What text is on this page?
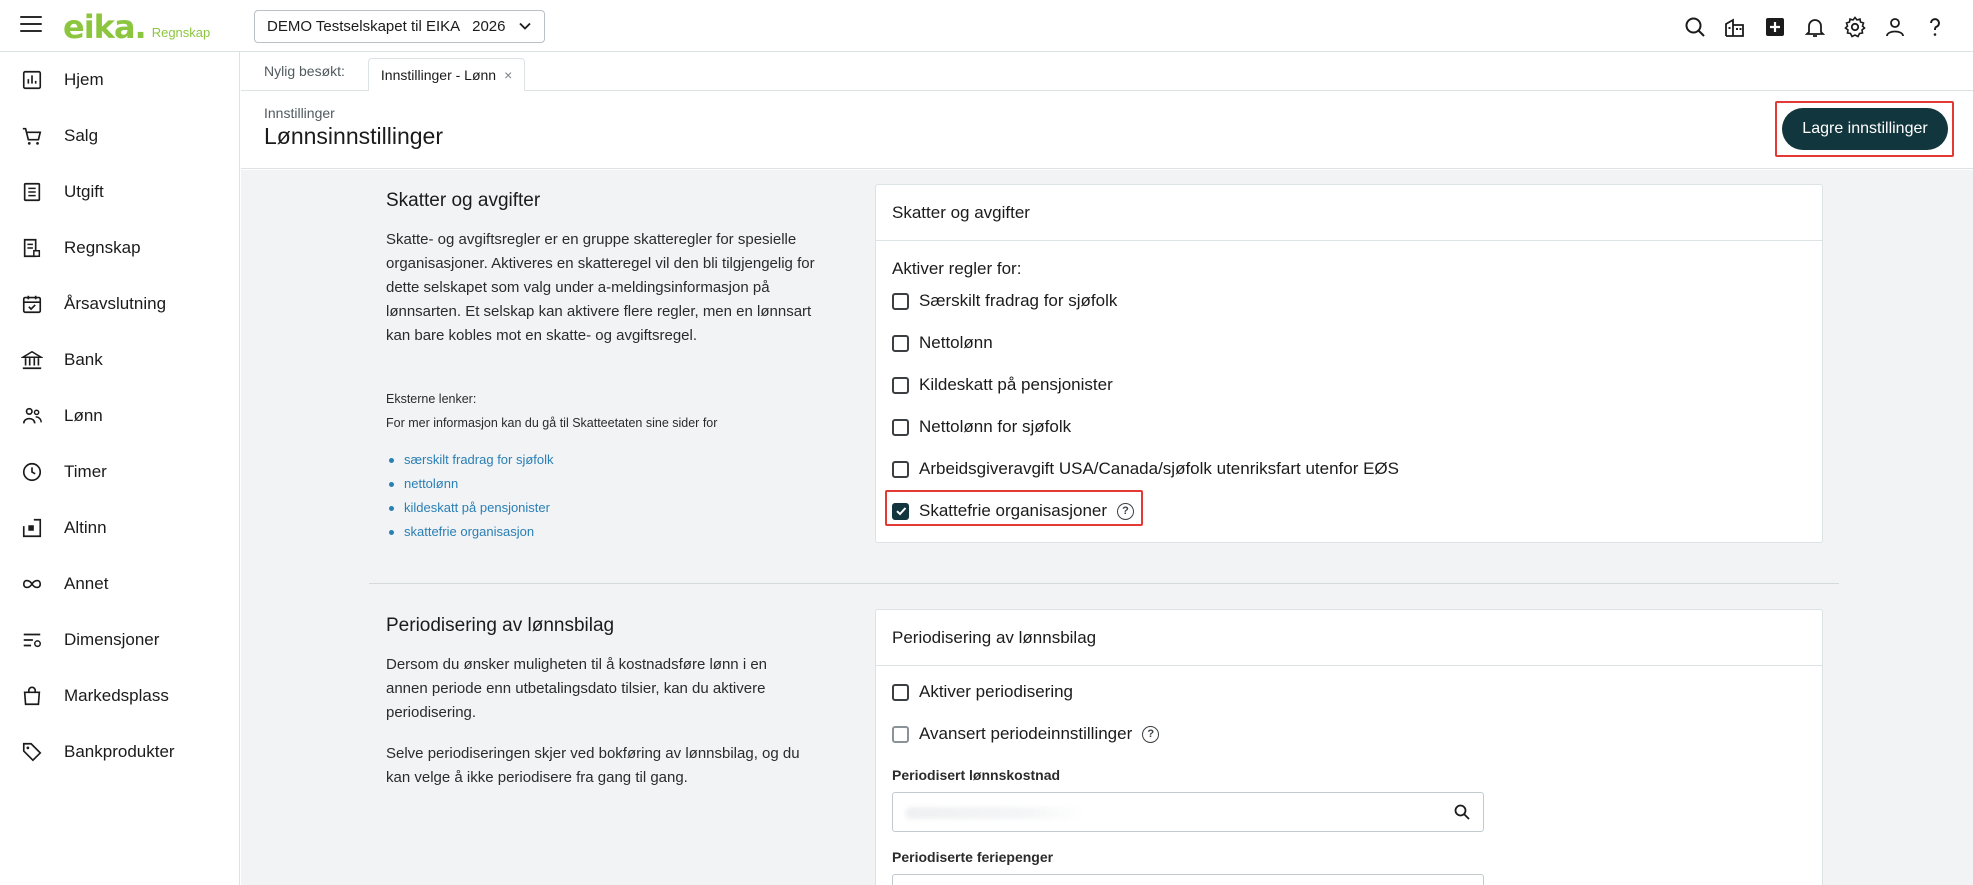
eika. Regnskap	DEMO Testselskapet til EIKA 2026
Hjem
Salg
Utgift
Regnskap
Årsavslutning
Bank
Lønn
Timer
Altinn
Annet
Dimensjoner
Markedsplass
Bankprodukter
Nylig besøkt:	Innstillinger - Lønn ×
Innstillinger
Lønnsinnstillinger	Lagre innstillinger
Skatter og avgifter
Skatte- og avgiftsregler er en gruppe skatteregler for spesielle organisasjoner. Aktiveres en skatteregel vil den bli tilgjengelig for dette selskapet som valg under a-meldingsinformasjon på lønnsarten. Et selskap kan aktivere flere regler, men en lønnsart kan bare kobles mot en skatte- og avgiftsregel.
Eksterne lenker:
For mer informasjon kan du gå til Skatteetaten sine sider for
særskilt fradrag for sjøfolk
nettolønn
kildeskatt på pensjonister
skattefrie organisasjon
Skatter og avgifter
Aktiver regler for:
Særskilt fradrag for sjøfolk
Nettolønn
Kildeskatt på pensjonister
Nettolønn for sjøfolk
Arbeidsgiveravgift USA/Canada/sjøfolk utenriksfart utenfor EØS
Skattefrie organisasjoner	?
Periodisering av lønnsbilag
Dersom du ønsker muligheten til å kostnadsføre lønn i en annen periode enn utbetalingsdato tilsier, kan du aktivere periodisering.
Selve periodiseringen skjer ved bokføring av lønnsbilag, og du kan velge å ikke periodisere fra gang til gang.
Periodisering av lønnsbilag
Aktiver periodisering
Avansert periodeinnstillinger	?
Periodisert lønnskostnad
Periodiserte feriepenger
